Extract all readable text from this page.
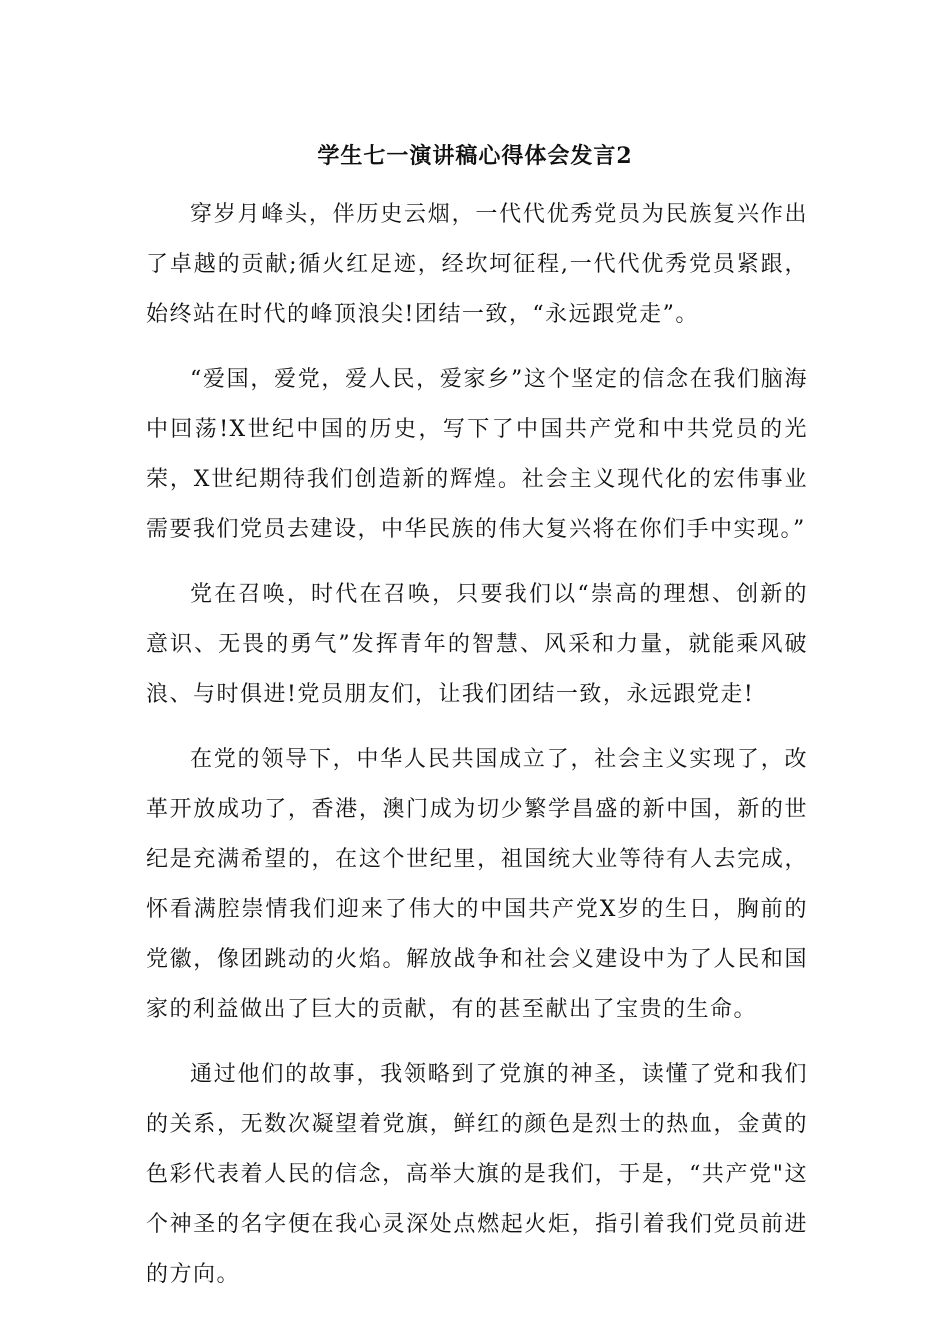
学生七一演讲稿心得体会发言2

穿岁月峰头，伴历史云烟，一代代优秀党员为民族复兴作出了卓越的贡献;循火红足迹，经坎坷征程,一代代优秀党员紧跟，始终站在时代的峰顶浪尖!团结一致，“永远跟党走”。

“爱国，爱党，爱人民，爱家乡”这个坚定的信念在我们脑海中回荡!X世纪中国的历史，写下了中国共产党和中共党员的光荣，X世纪期待我们创造新的辉煌。社会主义现代化的宏伟事业需要我们党员去建设，中华民族的伟大复兴将在你们手中实现。”

党在召唤，时代在召唤，只要我们以“崇高的理想、创新的意识、无畏的勇气”发挥青年的智慧、风采和力量，就能乘风破浪、与时俱进!党员朋友们，让我们团结一致，永远跟党走!

在党的领导下，中华人民共国成立了，社会主义实现了，改革开放成功了，香港，澳门成为切少繁学昌盛的新中国，新的世纪是充满希望的，在这个世纪里，祖国统大业等待有人去完成，怀看满腔崇情我们迎来了伟大的中国共产党X岁的生日，胸前的党徽，像团跳动的火焰。解放战争和社会义建设中为了人民和国家的利益做出了巨大的贡献，有的甚至献出了宝贵的生命。

通过他们的故事，我领略到了党旗的神圣，读懂了党和我们的关系，无数次凝望着党旗，鲜红的颜色是烈士的热血，金黄的色彩代表着人民的信念，高举大旗的是我们，于是，“共产党"这个神圣的名字便在我心灵深处点燃起火炬，指引着我们党员前进的方向。
